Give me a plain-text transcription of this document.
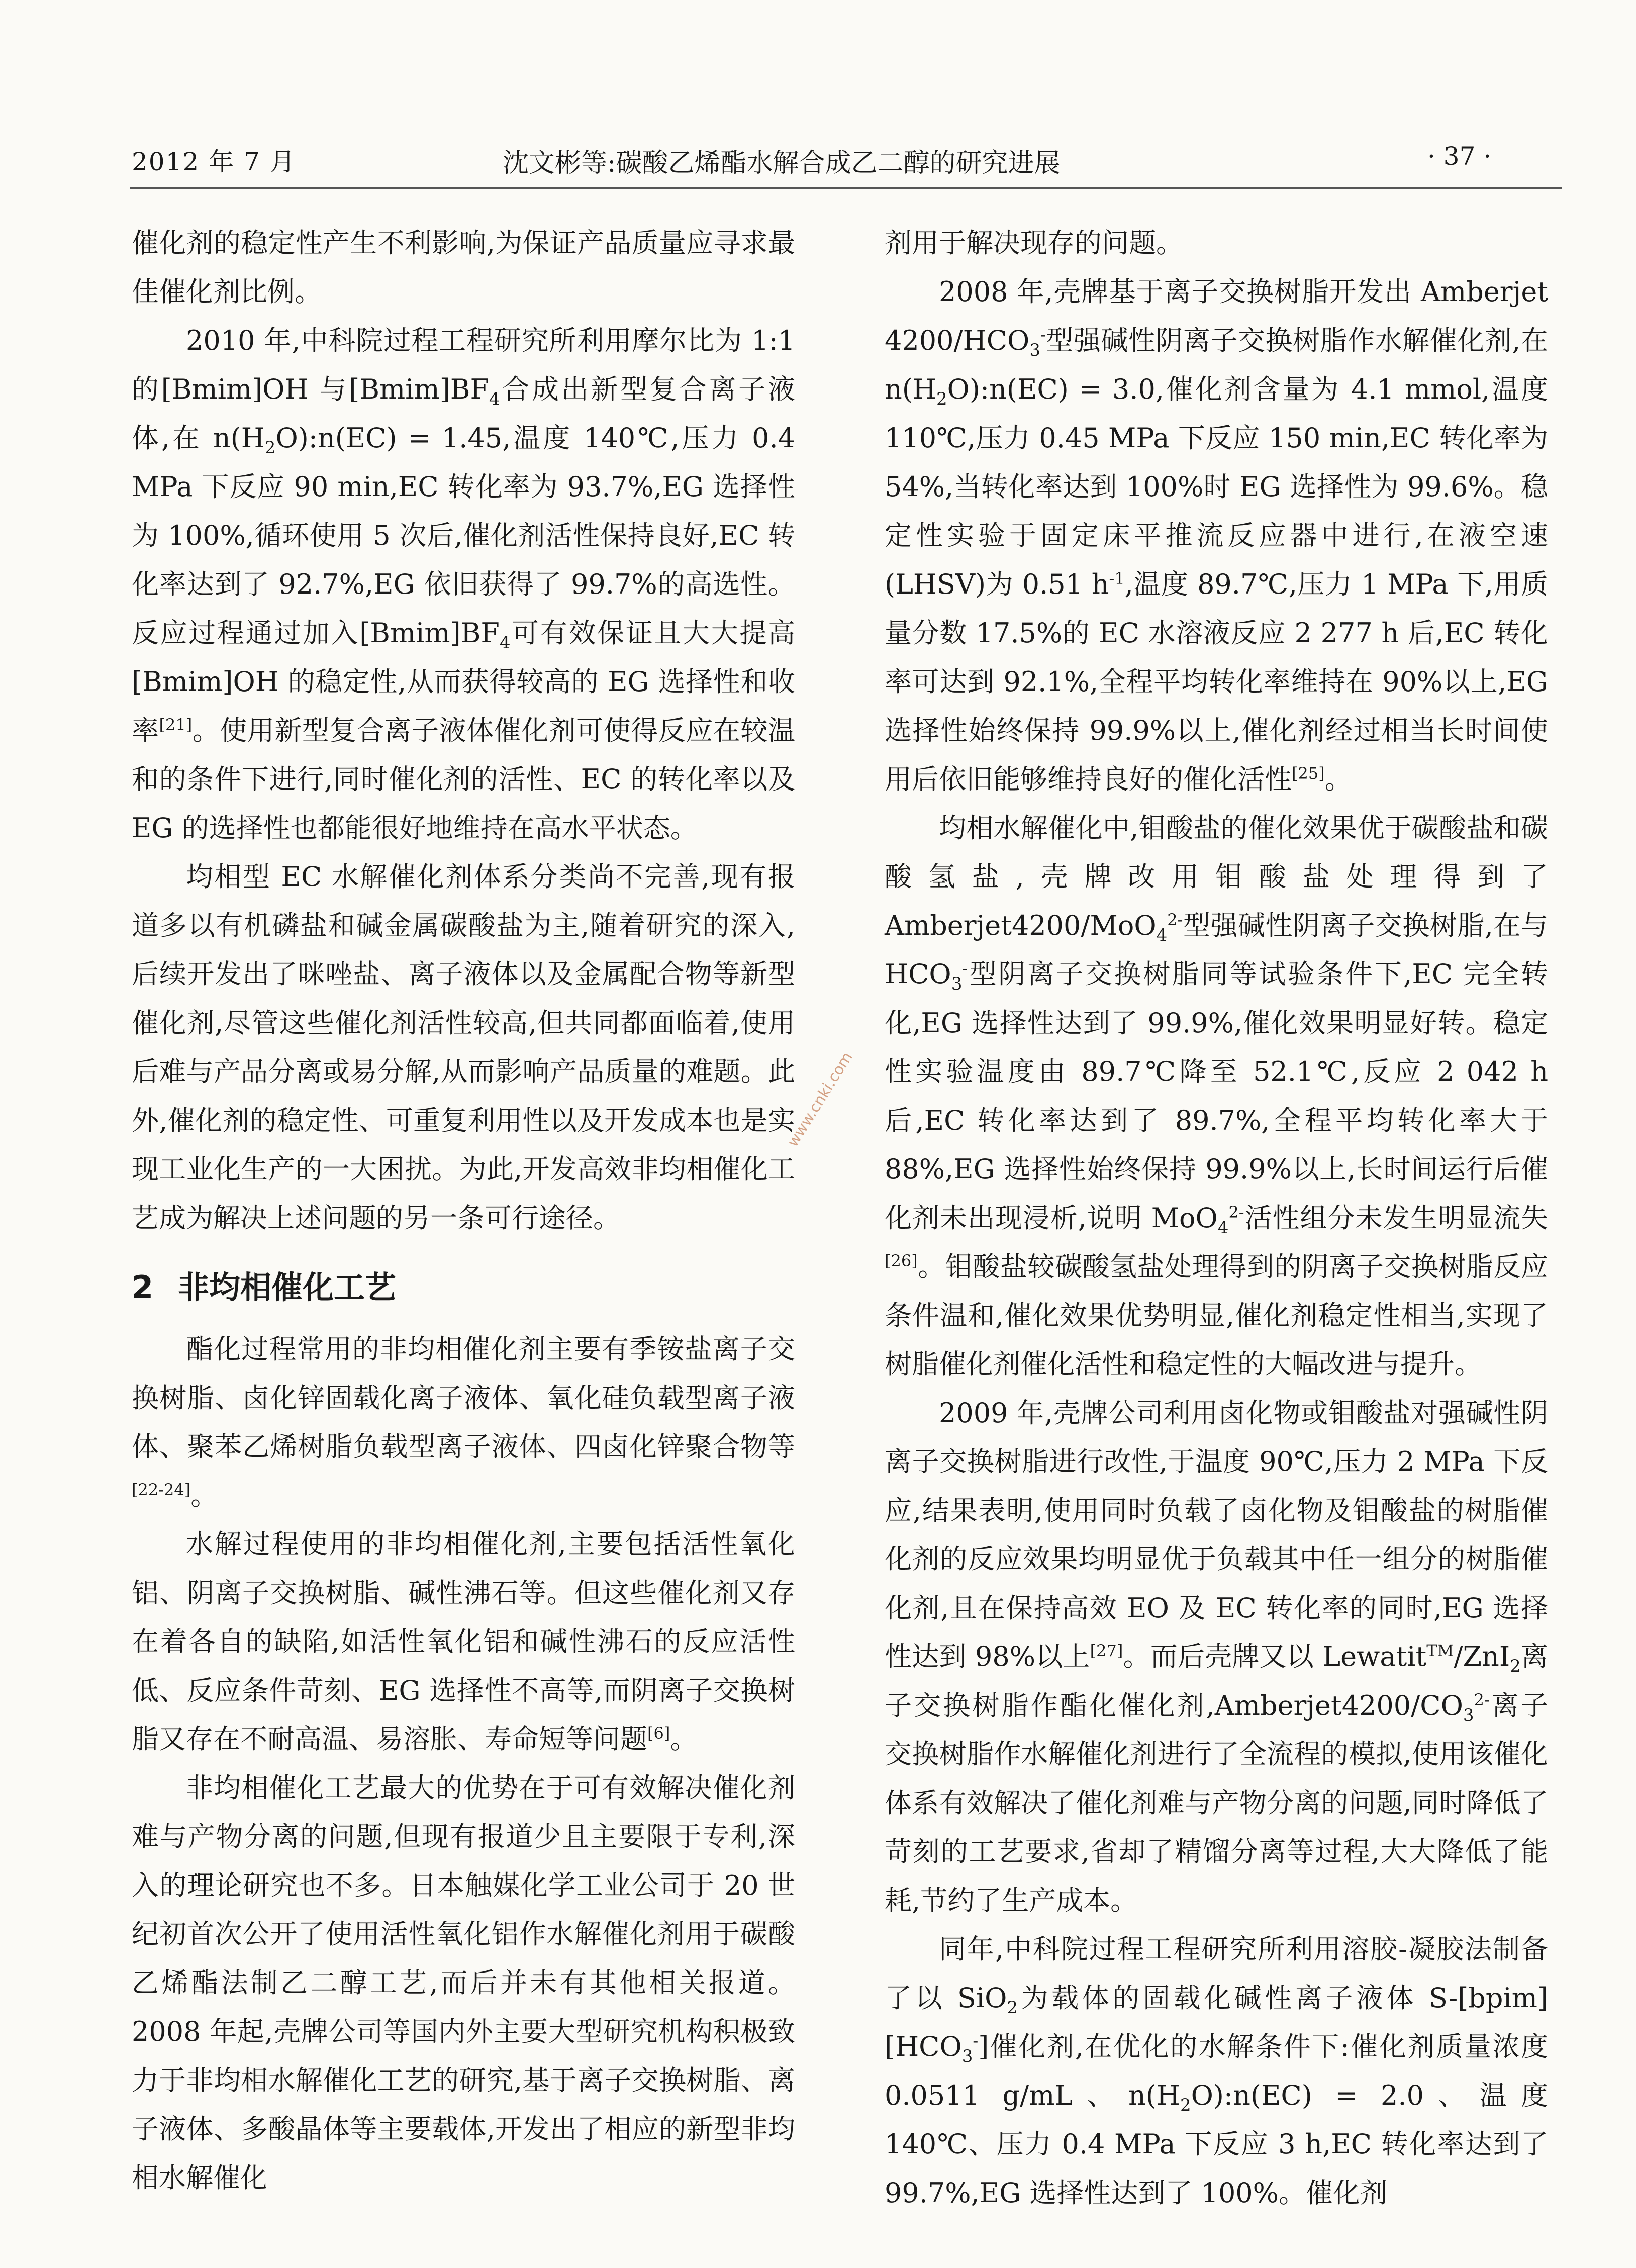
2012 年 7 月	沈文彬等:碳酸乙烯酯水解合成乙二醇的研究进展	· 37 ·

催化剂的稳定性产生不利影响,为保证产品质量应寻求最佳催化剂比例。

2010 年,中科院过程工程研究所利用摩尔比为 1:1的[Bmim]OH 与$[Bmim]BF_4$合成出新型复合离子液体,在 $n(H_2O):n(EC) = 1.45$,温度 140℃,压力 0.4 MPa 下反应 90 min,EC 转化率为 93.7%,EG 选择性为 100%,循环使用 5 次后,催化剂活性保持良好,EC 转化率达到了 92.7%,EG 依旧获得了 99.7%的高选性。反应过程通过加入$[Bmim]BF_4$可有效保证且大大提高[Bmim]OH 的稳定性,从而获得较高的 EG 选择性和收率[21]。使用新型复合离子液体催化剂可使得反应在较温和的条件下进行,同时催化剂的活性、EC 的转化率以及 EG 的选择性也都能很好地维持在高水平状态。

均相型 EC 水解催化剂体系分类尚不完善,现有报道多以有机磷盐和碱金属碳酸盐为主,随着研究的深入,后续开发出了咪唑盐、离子液体以及金属配合物等新型催化剂,尽管这些催化剂活性较高,但共同都面临着,使用后难与产品分离或易分解,从而影响产品质量的难题。此外,催化剂的稳定性、可重复利用性以及开发成本也是实现工业化生产的一大困扰。为此,开发高效非均相催化工艺成为解决上述问题的另一条可行途径。

2 非均相催化工艺

酯化过程常用的非均相催化剂主要有季铵盐离子交换树脂、卤化锌固载化离子液体、氧化硅负载型离子液体、聚苯乙烯树脂负载型离子液体、四卤化锌聚合物等[22-24]。

水解过程使用的非均相催化剂,主要包括活性氧化铝、阴离子交换树脂、碱性沸石等。但这些催化剂又存在着各自的缺陷,如活性氧化铝和碱性沸石的反应活性低、反应条件苛刻、EG 选择性不高等,而阴离子交换树脂又存在不耐高温、易溶胀、寿命短等问题[6]。

非均相催化工艺最大的优势在于可有效解决催化剂难与产物分离的问题,但现有报道少且主要限于专利,深入的理论研究也不多。日本触媒化学工业公司于 20 世纪初首次公开了使用活性氧化铝作水解催化剂用于碳酸乙烯酯法制乙二醇工艺,而后并未有其他相关报道。2008 年起,壳牌公司等国内外主要大型研究机构积极致力于非均相水解催化工艺的研究,基于离子交换树脂、离子液体、多酸晶体等主要载体,开发出了相应的新型非均相水解催化

剂用于解决现存的问题。

2008 年,壳牌基于离子交换树脂开发出 Amberjet $4200/HCO_3^-$型强碱性阴离子交换树脂作水解催化剂,在 $n(H_2O):n(EC) = 3.0$,催化剂含量为 4.1 mmol,温度 110℃,压力 0.45 MPa 下反应 150 min,EC 转化率为 54%,当转化率达到 100%时 EG 选择性为 99.6%。稳定性实验于固定床平推流反应器中进行,在液空速(LHSV)为 0.51 $h^{-1}$,温度 89.7℃,压力 1 MPa 下,用质量分数 17.5%的 EC 水溶液反应 2 277 h 后,EC 转化率可达到 92.1%,全程平均转化率维持在 90%以上,EG 选择性始终保持 99.9%以上,催化剂经过相当长时间使用后依旧能够维持良好的催化活性[25]。

均相水解催化中,钼酸盐的催化效果优于碳酸盐和碳酸氢盐,壳牌改用钼酸盐处理得到了 Amberjet4200/MoO$_4^{2-}$型强碱性阴离子交换树脂,在与 $HCO_3^-$型阴离子交换树脂同等试验条件下,EC 完全转化,EG 选择性达到了 99.9%,催化效果明显好转。稳定性实验温度由 89.7℃降至 52.1℃,反应 2 042 h 后,EC 转化率达到了 89.7%,全程平均转化率大于 88%,EG 选择性始终保持 99.9%以上,长时间运行后催化剂未出现浸析,说明 MoO$_4^{2-}$活性组分未发生明显流失[26]。钼酸盐较碳酸氢盐处理得到的阴离子交换树脂反应条件温和,催化效果优势明显,催化剂稳定性相当,实现了树脂催化剂催化活性和稳定性的大幅改进与提升。

2009 年,壳牌公司利用卤化物或钼酸盐对强碱性阴离子交换树脂进行改性,于温度 90℃,压力 2 MPa 下反应,结果表明,使用同时负载了卤化物及钼酸盐的树脂催化剂的反应效果均明显优于负载其中任一组分的树脂催化剂,且在保持高效 EO 及 EC 转化率的同时,EG 选择性达到 98%以上[27]。而后壳牌又以 Lewatit™/ZnI$_2$离子交换树脂作酯化催化剂$,Amberjet4200/CO_3^{2-}$离子交换树脂作水解催化剂进行了全流程的模拟,使用该催化体系有效解决了催化剂难与产物分离的问题,同时降低了苛刻的工艺要求,省却了精馏分离等过程,大大降低了能耗,节约了生产成本。

同年,中科院过程工程研究所利用溶胶-凝胶法制备了以 SiO$_2$为载体的固载化碱性离子液体 $S-[bpim][HCO_3^-]$催化剂,在优化的水解条件下:催化剂质量浓度 0.0511 g/mL、$n(H_2O):n(EC) = 2.0$、温度 140℃、压力 0.4 MPa 下反应 3 h,EC 转化率达到了 99.7%,EG 选择性达到了 100%。催化剂

www.cnki.com
